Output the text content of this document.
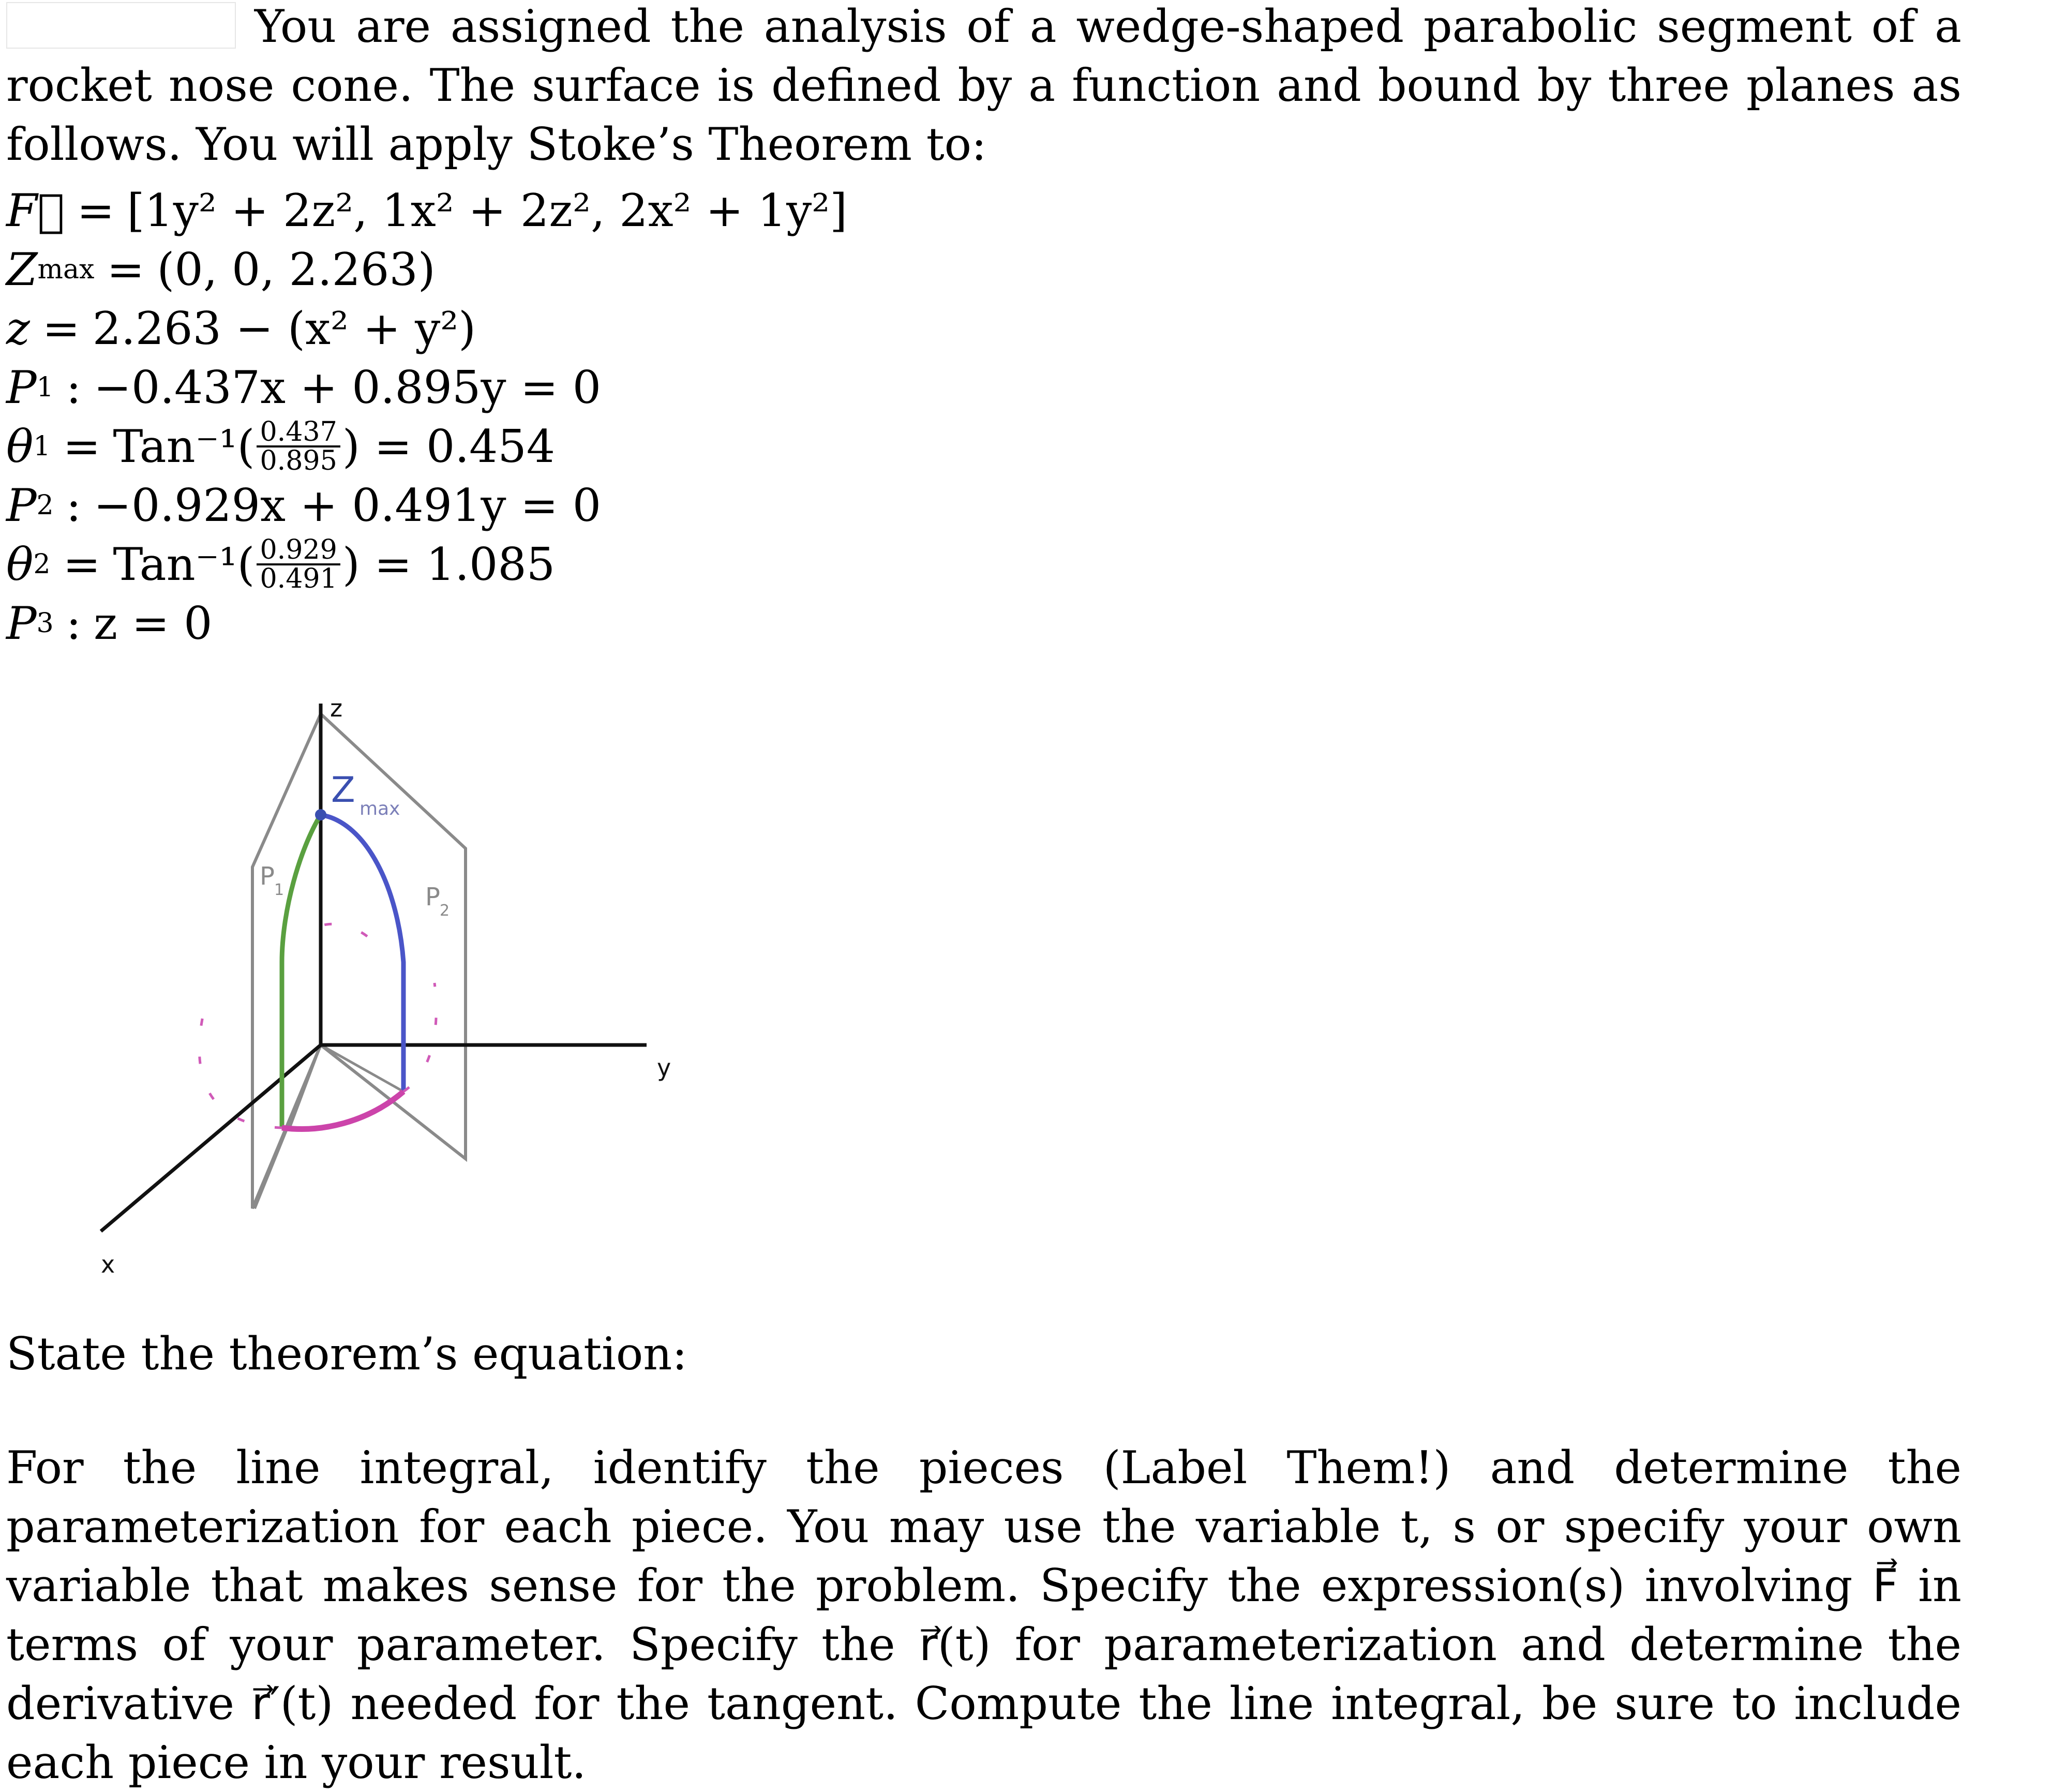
You are assigned the analysis of a wedge-shaped parabolic segment of a rocket nose cone. The surface is defined by a function and bound by three planes as follows. You will apply Stoke’s Theorem to:

F⃗ = [1y² + 2z², 1x² + 2z², 2x² + 1y²]
Z max = (0, 0, 2.263)
z = 2.263 − (x² + y²)
P 1 : −0.437x + 0.895y = 0
θ $1 = Tan^{-1}( \frac{0.437}{0.895}$ ) = 0.454
P 2 : −0.929x + 0.491y = 0
θ $2 = Tan^{-1}( \frac{0.929}{0.491}$ ) = 1.085
P 3 : z = 0
z
y
x
Z max
P 1	P 2

State the theorem’s equation:

For the line integral, identify the pieces (Label Them!) and determine the parameterization for each piece. You may use the variable t, s or specify your own variable that makes sense for the problem. Specify the expression(s) involving F⃗ in terms of your parameter. Specify the r⃗(t) for parameterization and determine the derivative r⃗′(t) needed for the tangent. Compute the line integral, be sure to include each piece in your result.
